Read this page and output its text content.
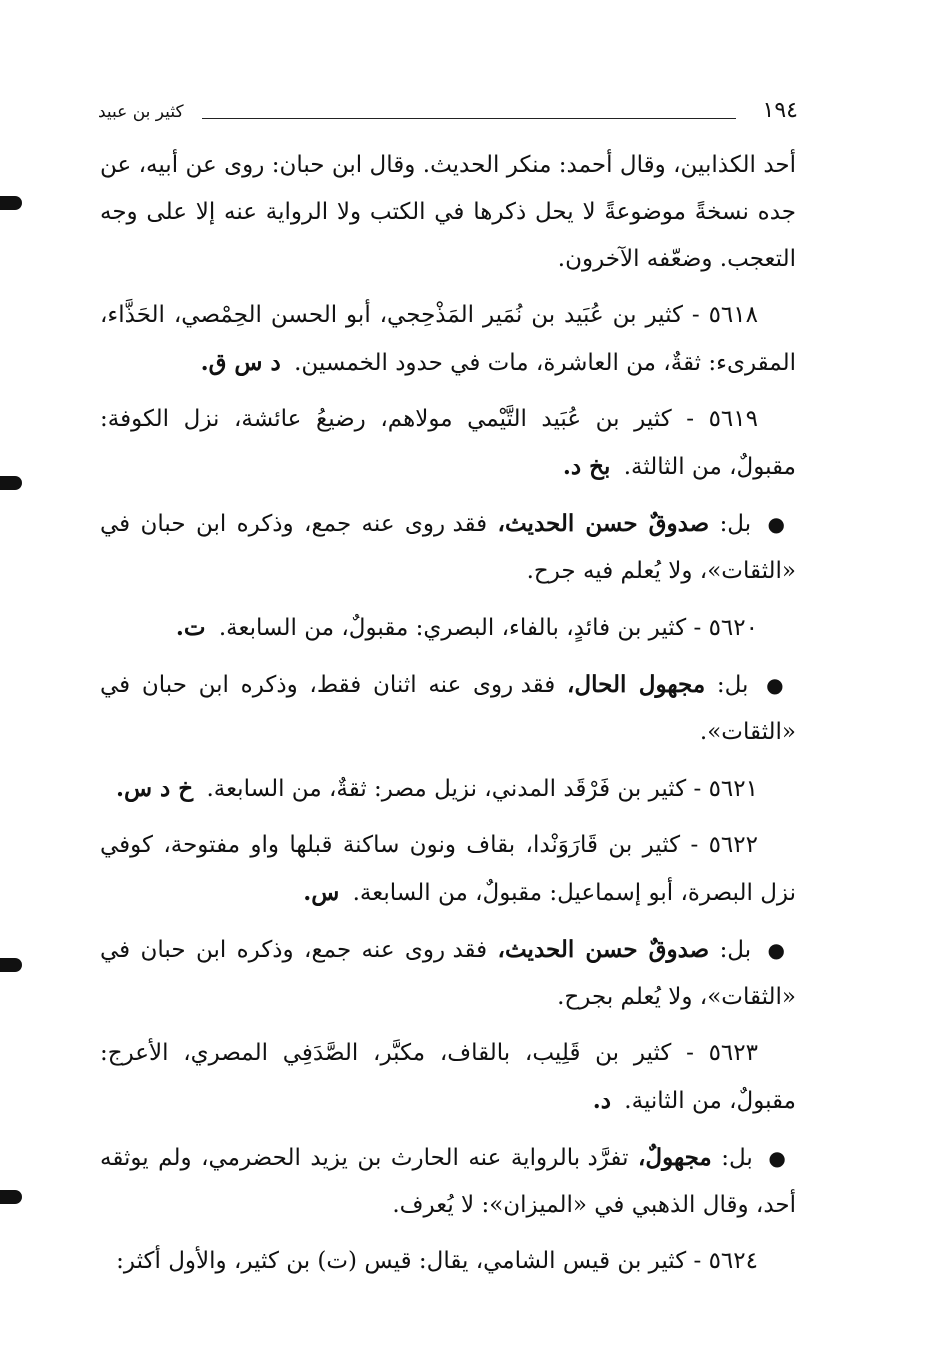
١٩٤
كثير بن عبيد

أحد الكذابين، وقال أحمد: منكر الحديث. وقال ابن حبان: روى عن أبيه، عن جده نسخةً موضوعةً لا يحل ذكرها في الكتب ولا الرواية عنه إلا على وجه التعجب. وضعّفه الآخرون.

٥٦١٨ - كثير بن عُبَيد بن نُمَير المَذْحِجي، أبو الحسن الحِمْصي، الحَذَّاء، المقرىء: ثقةٌ، من العاشرة، مات في حدود الخمسين. د س ق.

٥٦١٩ - كثير بن عُبَيد التَّيْمي مولاهم، رضيعُ عائشة، نزل الكوفة: مقبولٌ، من الثالثة. بخ د.

● بل: صدوقٌ حسن الحديث، فقد روى عنه جمع، وذكره ابن حبان في «الثقات»، ولا يُعلم فيه جرح.

٥٦٢٠ - كثير بن فائدٍ، بالفاء، البصري: مقبولٌ، من السابعة. ت.

● بل: مجهول الحال، فقد روى عنه اثنان فقط، وذكره ابن حبان في «الثقات».

٥٦٢١ - كثير بن فَرْقَد المدني، نزيل مصر: ثقةٌ، من السابعة. خ د س.

٥٦٢٢ - كثير بن قَارَوَنْدا، بقاف ونون ساكنة قبلها واو مفتوحة، كوفي نزل البصرة، أبو إسماعيل: مقبولٌ، من السابعة. س.

● بل: صدوقٌ حسن الحديث، فقد روى عنه جمع، وذكره ابن حبان في «الثقات»، ولا يُعلم بجرح.

٥٦٢٣ - كثير بن قَلِيب، بالقاف، مكبَّر، الصَّدَفِي المصري، الأعرج: مقبولٌ، من الثانية. د.

● بل: مجهولٌ، تفرَّد بالرواية عنه الحارث بن يزيد الحضرمي، ولم يوثقه أحد، وقال الذهبي في «الميزان»: لا يُعرف.

٥٦٢٤ - كثير بن قيس الشامي، يقال: قيس (ت) بن كثير، والأول أكثر:
